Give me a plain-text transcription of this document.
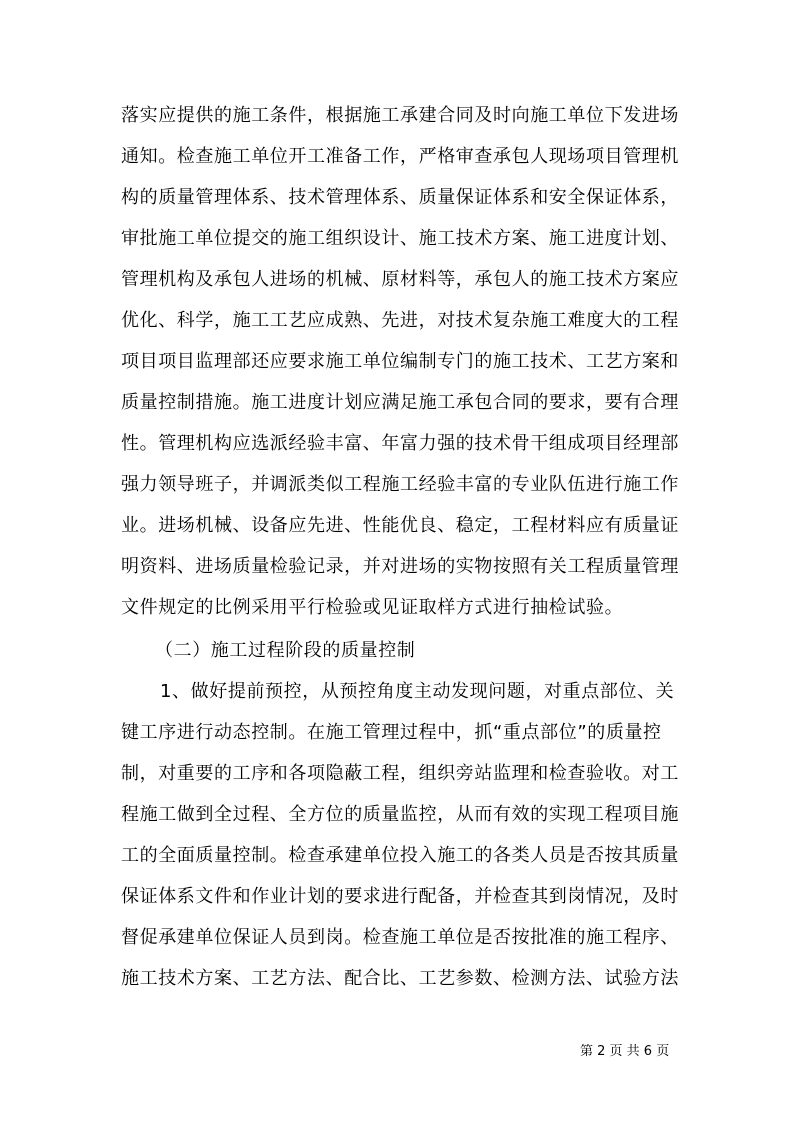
落实应提供的施工条件，根据施工承建合同及时向施工单位下发进场
通知。检查施工单位开工准备工作，严格审查承包人现场项目管理机
构的质量管理体系、技术管理体系、质量保证体系和安全保证体系，
审批施工单位提交的施工组织设计、施工技术方案、施工进度计划、
管理机构及承包人进场的机械、原材料等，承包人的施工技术方案应
优化、科学，施工工艺应成熟、先进，对技术复杂施工难度大的工程
项目项目监理部还应要求施工单位编制专门的施工技术、工艺方案和
质量控制措施。施工进度计划应满足施工承包合同的要求，要有合理
性。管理机构应选派经验丰富、年富力强的技术骨干组成项目经理部
强力领导班子，并调派类似工程施工经验丰富的专业队伍进行施工作
业。进场机械、设备应先进、性能优良、稳定，工程材料应有质量证
明资料、进场质量检验记录，并对进场的实物按照有关工程质量管理
文件规定的比例采用平行检验或见证取样方式进行抽检试验。
（二）施工过程阶段的质量控制
1、做好提前预控，从预控角度主动发现问题，对重点部位、关
键工序进行动态控制。在施工管理过程中，抓“重点部位”的质量控
制，对重要的工序和各项隐蔽工程，组织旁站监理和检查验收。对工
程施工做到全过程、全方位的质量监控，从而有效的实现工程项目施
工的全面质量控制。检查承建单位投入施工的各类人员是否按其质量
保证体系文件和作业计划的要求进行配备，并检查其到岗情况，及时
督促承建单位保证人员到岗。检查施工单位是否按批准的施工程序、
施工技术方案、工艺方法、配合比、工艺参数、检测方法、试验方法
第 2 页 共 6 页
